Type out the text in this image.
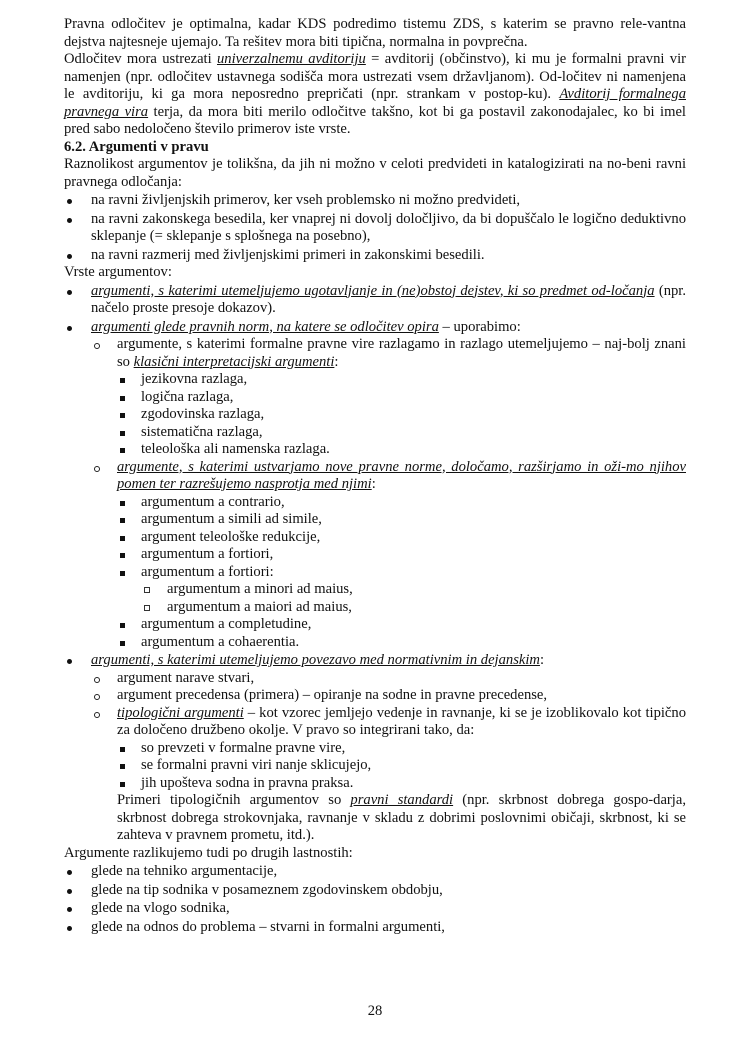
Pravna odločitev je optimalna, kadar KDS podredimo tistemu ZDS, s katerim se pravno rele-vantna dejstva najtesneje ujemajo. Ta rešitev mora biti tipična, normalna in povprečna.

Odločitev mora ustrezati univerzalnemu avditoriju = avditorij (občinstvo), ki mu je formalni pravni vir namenjen (npr. odločitev ustavnega sodišča mora ustrezati vsem državljanom). Od-ločitev ni namenjena le avditoriju, ki ga mora neposredno prepričati (npr. strankam v postop-ku). Avditorij formalnega pravnega vira terja, da mora biti merilo odločitve takšno, kot bi ga postavil zakonodajalec, ko bi imel pred sabo nedoločeno število primerov iste vrste.

6.2. Argumenti v pravu

Raznolikost argumentov je tolikšna, da jih ni možno v celoti predvideti in katalogizirati na no-beni ravni pravnega odločanja:

na ravni življenjskih primerov, ker vseh problemsko ni možno predvideti,
na ravni zakonskega besedila, ker vnaprej ni dovolj določljivo, da bi dopuščalo le logično deduktivno sklepanje (= sklepanje s splošnega na posebno),
na ravni razmerij med življenjskimi primeri in zakonskimi besedili.

Vrste argumentov:

argumenti, s katerimi utemeljujemo ugotavljanje in (ne)obstoj dejstev, ki so predmet od-ločanja (npr. načelo proste presoje dokazov).
argumenti glede pravnih norm, na katere se odločitev opira – uporabimo:
argumente, s katerimi formalne pravne vire razlagamo in razlago utemeljujemo – naj-bolj znani so klasični interpretacijski argumenti:
jezikovna razlaga,
logična razlaga,
zgodovinska razlaga,
sistematična razlaga,
teleološka ali namenska razlaga.
argumente, s katerimi ustvarjamo nove pravne norme, določamo, razširjamo in oži-mo njihov pomen ter razrešujemo nasprotja med njimi:
argumentum a contrario,
argumentum a simili ad simile,
argument teleološke redukcije,
argumentum a fortiori,
argumentum a fortiori:
argumentum a minori ad maius,
argumentum a maiori ad maius,
argumentum a completudine,
argumentum a cohaerentia.
argumenti, s katerimi utemeljujemo povezavo med normativnim in dejanskim:
argument narave stvari,
argument precedensa (primera) – opiranje na sodne in pravne precedense,
tipologični argumenti – kot vzorec jemljejo vedenje in ravnanje, ki se je izoblikovalo kot tipično za določeno družbeno okolje. V pravo so integrirani tako, da:
so prevzeti v formalne pravne vire,
se formalni pravni viri nanje sklicujejo,
jih upošteva sodna in pravna praksa.

Primeri tipologičnih argumentov so pravni standardi (npr. skrbnost dobrega gospo-darja, skrbnost dobrega strokovnjaka, ravnanje v skladu z dobrimi poslovnimi običaji, skrbnost, ki se zahteva v pravnem prometu, itd.).

Argumente razlikujemo tudi po drugih lastnostih:

glede na tehniko argumentacije,
glede na tip sodnika v posameznem zgodovinskem obdobju,
glede na vlogo sodnika,
glede na odnos do problema – stvarni in formalni argumenti,
28
